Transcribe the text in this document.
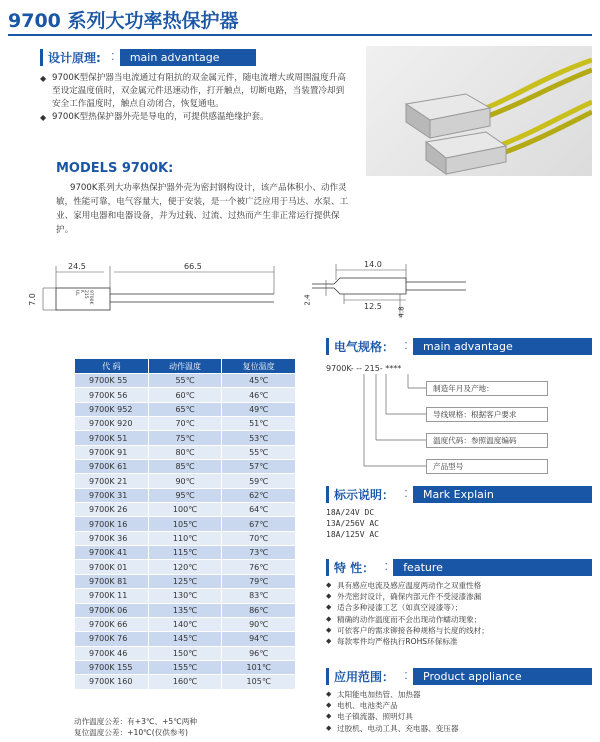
9700 系列大功率热保护器
设计原理:	⁚	main advantage

◆ 9700K型保护器当电流通过有阻抗的双金属元件，随电流增大或周围温度升高至设定温度值时，双金属元件迅速动作，打开触点，切断电路，当装置冷却到安全工作温度时，触点自动闭合，恢复通电。

◆ 9700K型热保护器外壳是导电的，可提供感温绝缘护套。

MODELS 9700K:

9700K系列大功率热保护器外壳为密封钢构设计，该产品体积小、动作灵敏，性能可靠，电气容量大，便于安装，是一个被广泛应用于马达、水泵、工业、家用电器和电器设备，并为过载、过流、过热而产生非正常运行提供保护。

24.5	66.5
7.0	9700K
215
K
UL
14.0
12.5
2.4
4.8
代 码	动作温度	复位温度
9700K 55	55℃	45℃
9700K 56	60℃	46℃
9700K 952	65℃	49℃
9700K 920	70℃	51℃
9700K 51	75℃	53℃
9700K 91	80℃	55℃
9700K 61	85℃	57℃
9700K 21	90℃	59℃
9700K 31	95℃	62℃
9700K 26	100℃	64℃
9700K 16	105℃	67℃
9700K 36	110℃	70℃
9700K 41	115℃	73℃
9700K 01	120℃	76℃
9700K 81	125℃	79℃
9700K 11	130℃	83℃
9700K 06	135℃	86℃
9700K 66	140℃	90℃
9700K 76	145℃	94℃
9700K 46	150℃	96℃
9700K 155	155℃	101℃
9700K 160	160℃	105℃

动作温度公差：有+3℃、+5℃两种

复位温度公差：+10℃(仅供参考)

电气规格：	⁚	main advantage
9700K- -- 215- ****
制造年月及产地：
导线规格：根据客户要求
温度代码：参照温度编码
产品型号
标示说明：	⁚	Mark Explain
18A/24V DC
13A/256V AC
18A/125V AC
特 性：	⁚	feature
◆ 具有感应电流及感应温度两动作之双重性格
◆ 外壳密封设计，确保内部元件不受浸漆渗漏
◆ 适合多种浸漆工艺（如真空浸漆等）；
◆ 精确的动作温度而不会出现动作蠕动现象；
◆ 可依客户的需求铆接各种规格与长度的线材；
◆ 每款零件均严格执行ROHS环保标准
应用范围：	⁚	Product appliance
◆ 太阳能电加热管、加热器
◆ 电机、电池类产品
◆ 电子镇流器、照明灯具
◆ 过胶机、电动工具、充电器、变压器
